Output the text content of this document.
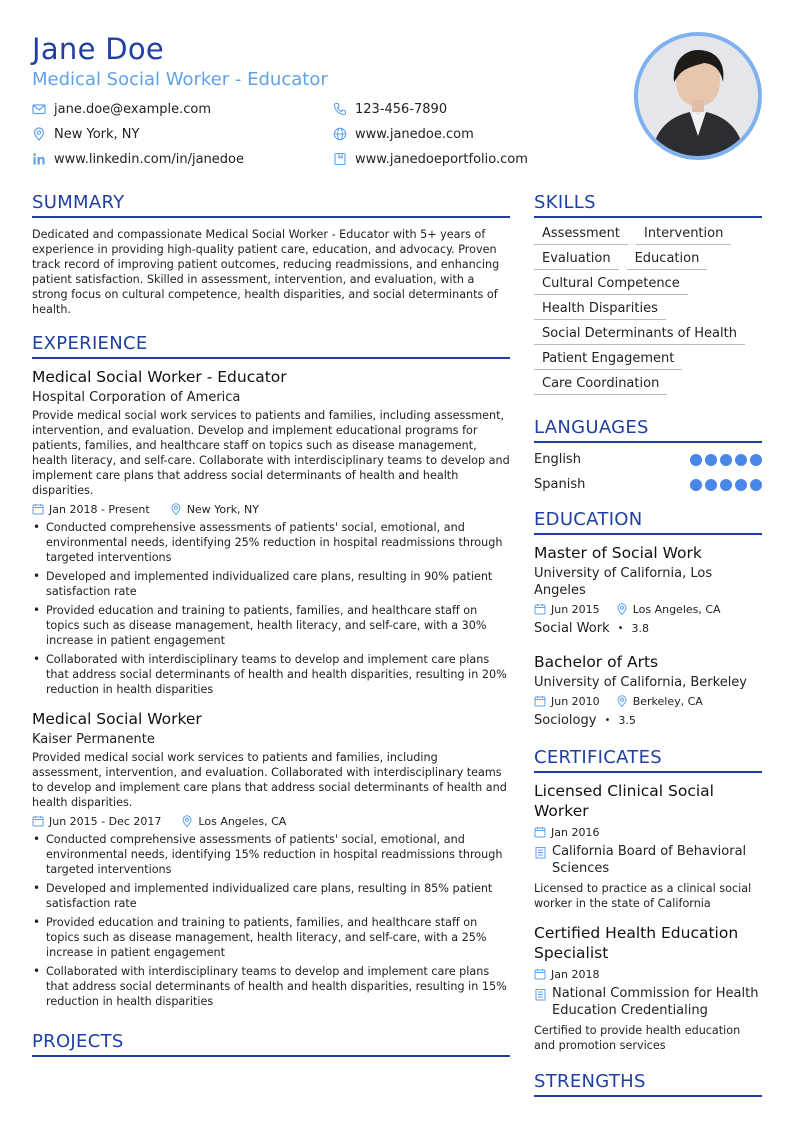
Jane Doe
Medical Social Worker - Educator
jane.doe@example.com	123-456-7890
New York, NY	www.janedoe.com
www.linkedin.com/in/janedoe	www.janedoeportfolio.com
SUMMARY

Dedicated and compassionate Medical Social Worker - Educator with 5+ years of experience in providing high-quality patient care, education, and advocacy. Proven track record of improving patient outcomes, reducing readmissions, and enhancing patient satisfaction. Skilled in assessment, intervention, and evaluation, with a strong focus on cultural competence, health disparities, and social determinants of health.

EXPERIENCE
Medical Social Worker - Educator
Hospital Corporation of America

Provide medical social work services to patients and families, including assessment, intervention, and evaluation. Develop and implement educational programs for patients, families, and healthcare staff on topics such as disease management, health literacy, and self-care. Collaborate with interdisciplinary teams to develop and implement care plans that address social determinants of health and health disparities.

Jan 2018 - Present	New York, NY
• Conducted comprehensive assessments of patients' social, emotional, and environmental needs, identifying 25% reduction in hospital readmissions through targeted interventions
• Developed and implemented individualized care plans, resulting in 90% patient satisfaction rate
• Provided education and training to patients, families, and healthcare staff on topics such as disease management, health literacy, and self-care, with a 30% increase in patient engagement
• Collaborated with interdisciplinary teams to develop and implement care plans that address social determinants of health and health disparities, resulting in 20% reduction in health disparities
Medical Social Worker
Kaiser Permanente

Provided medical social work services to patients and families, including assessment, intervention, and evaluation. Collaborated with interdisciplinary teams to develop and implement care plans that address social determinants of health and health disparities.

Jun 2015 - Dec 2017	Los Angeles, CA
• Conducted comprehensive assessments of patients' social, emotional, and environmental needs, identifying 15% reduction in hospital readmissions through targeted interventions
• Developed and implemented individualized care plans, resulting in 85% patient satisfaction rate
• Provided education and training to patients, families, and healthcare staff on topics such as disease management, health literacy, and self-care, with a 25% increase in patient engagement
• Collaborated with interdisciplinary teams to develop and implement care plans that address social determinants of health and health disparities, resulting in 15% reduction in health disparities
PROJECTS
SKILLS
Assessment	Intervention
Evaluation	Education
Cultural Competence
Health Disparities
Social Determinants of Health
Patient Engagement
Care Coordination
LANGUAGES
English
Spanish
EDUCATION
Master of Social Work
University of California, Los Angeles
Jun 2015	Los Angeles, CA
Social Work • 3.8
Bachelor of Arts
University of California, Berkeley
Jun 2010	Berkeley, CA
Sociology • 3.5
CERTIFICATES
Licensed Clinical Social Worker
Jan 2016
California Board of Behavioral Sciences
Licensed to practice as a clinical social worker in the state of California
Certified Health Education Specialist
Jan 2018
National Commission for Health Education Credentialing
Certified to provide health education and promotion services
STRENGTHS
